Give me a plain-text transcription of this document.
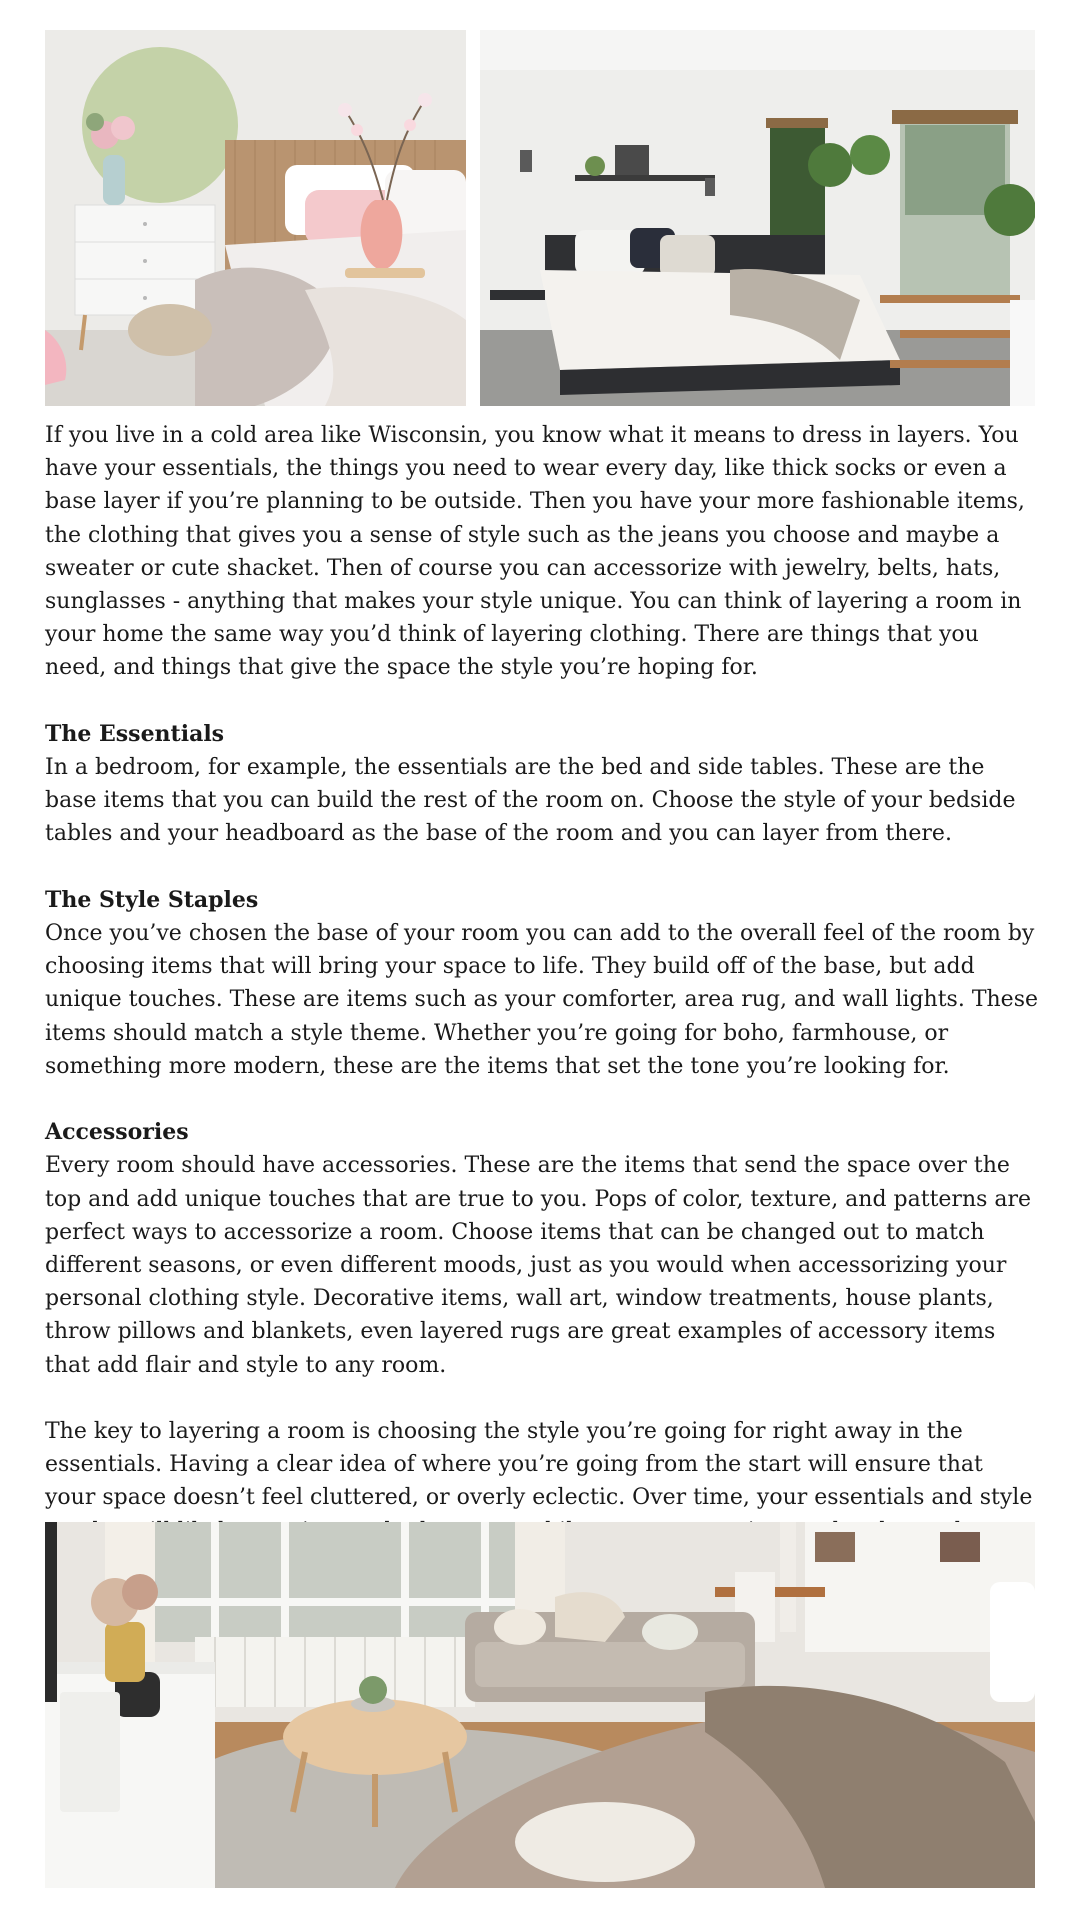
If you live in a cold area like Wisconsin, you know what it means to dress in layers. You have your essentials, the things you need to wear every day, like thick socks or even a base layer if you’re planning to be outside. Then you have your more fashionable items, the clothing that gives you a sense of style such as the jeans you choose and maybe a sweater or cute shacket. Then of course you can accessorize with jewelry, belts, hats, sunglasses - anything that makes your style unique. You can think of layering a room in your home the same way you’d think of layering clothing. There are things that you need, and things that give the space the style you’re hoping for.

The Essentials

In a bedroom, for example, the essentials are the bed and side tables. These are the base items that you can build the rest of the room on. Choose the style of your bedside tables and your headboard as the base of the room and you can layer from there.

The Style Staples

Once you’ve chosen the base of your room you can add to the overall feel of the room by choosing items that will bring your space to life. They build off of the base, but add unique touches. These are items such as your comforter, area rug, and wall lights. These items should match a style theme. Whether you’re going for boho, farmhouse, or something more modern, these are the items that set the tone you’re looking for.

Accessories

Every room should have accessories. These are the items that send the space over the top and add unique touches that are true to you. Pops of color, texture, and patterns are perfect ways to accessorize a room. Choose items that can be changed out to match different seasons, or even different moods, just as you would when accessorizing your personal clothing style. Decorative items, wall art, window treatments, house plants, throw pillows and blankets, even layered rugs are great examples of accessory items that add flair and style to any room.

The key to layering a room is choosing the style you’re going for right away in the essentials. Having a clear idea of where you’re going from the start will ensure that your space doesn’t feel cluttered, or overly eclectic. Over time, your essentials and style
